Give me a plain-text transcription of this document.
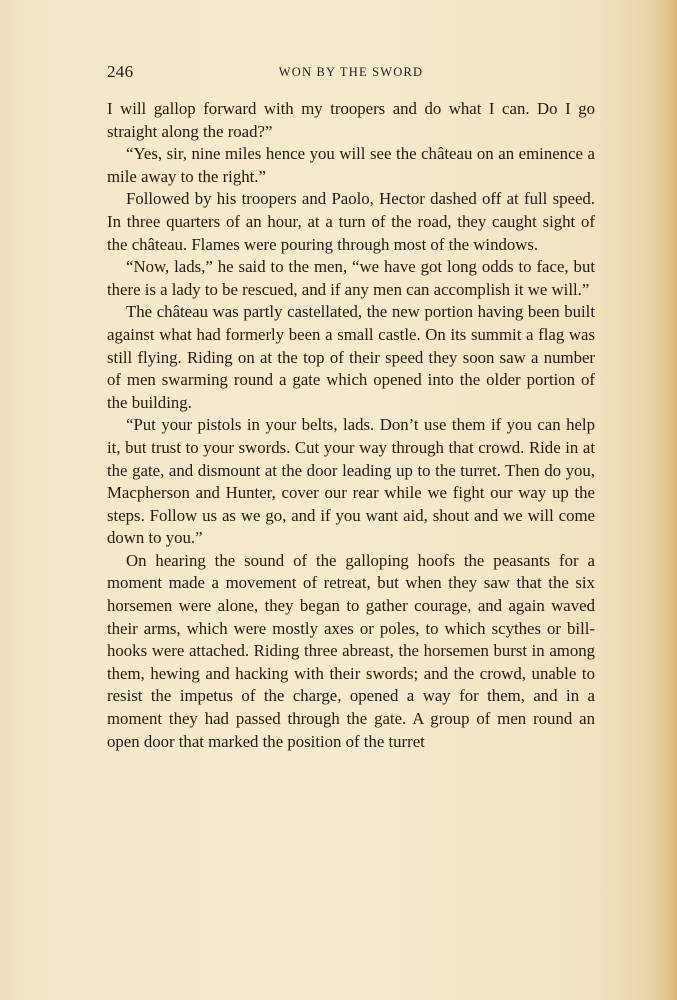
246	WON BY THE SWORD

I will gallop forward with my troopers and do what I can. Do I go straight along the road?”

“Yes, sir, nine miles hence you will see the château on an eminence a mile away to the right.”

Followed by his troopers and Paolo, Hector dashed off at full speed. In three quarters of an hour, at a turn of the road, they caught sight of the château. Flames were pouring through most of the windows.

“Now, lads,” he said to the men, “we have got long odds to face, but there is a lady to be rescued, and if any men can accomplish it we will.”

The château was partly castellated, the new portion having been built against what had formerly been a small castle. On its summit a flag was still flying. Riding on at the top of their speed they soon saw a number of men swarming round a gate which opened into the older portion of the building.

“Put your pistols in your belts, lads. Don’t use them if you can help it, but trust to your swords. Cut your way through that crowd. Ride in at the gate, and dismount at the door leading up to the turret. Then do you, Macpherson and Hunter, cover our rear while we fight our way up the steps. Follow us as we go, and if you want aid, shout and we will come down to you.”

On hearing the sound of the galloping hoofs the peasants for a moment made a movement of retreat, but when they saw that the six horsemen were alone, they began to gather courage, and again waved their arms, which were mostly axes or poles, to which scythes or bill-hooks were attached. Riding three abreast, the horsemen burst in among them, hewing and hacking with their swords; and the crowd, unable to resist the impetus of the charge, opened a way for them, and in a moment they had passed through the gate. A group of men round an open door that marked the position of the turret
